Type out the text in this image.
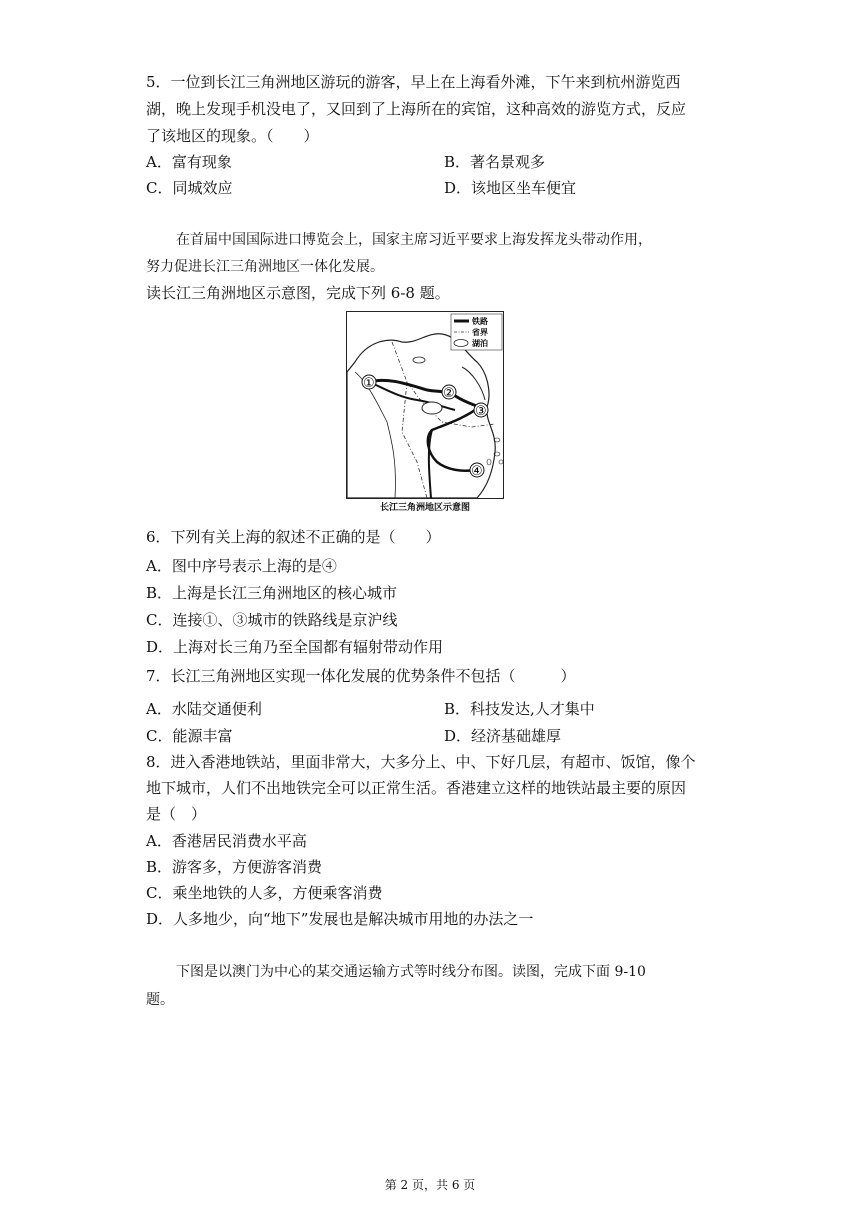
5．一位到长江三角洲地区游玩的游客，早上在上海看外滩，下午来到杭州游览西
湖，晚上发现手机没电了，又回到了上海所在的宾馆，这种高效的游览方式，反应
了该地区的现象。（　　）
A．富有现象	B．著名景观多
C．同城效应	D．该地区坐车便宜
在首届中国国际进口博览会上，国家主席习近平要求上海发挥龙头带动作用，
努力促进长江三角洲地区一体化发展。
读长江三角洲地区示意图，完成下列 6-8 题。
铁路
省界
湖泊
①
②
③
④
长江三角洲地区示意图
6．下列有关上海的叙述不正确的是（　　）
A．图中序号表示上海的是④
B．上海是长江三角洲地区的核心城市
C．连接①、③城市的铁路线是京沪线
D．上海对长三角乃至全国都有辐射带动作用
7．长江三角洲地区实现一体化发展的优势条件不包括（　　　）
A．水陆交通便利	B．科技发达,人才集中
C．能源丰富	D．经济基础雄厚
8．进入香港地铁站，里面非常大，大多分上、中、下好几层，有超市、饭馆，像个
地下城市，人们不出地铁完全可以正常生活。香港建立这样的地铁站最主要的原因
是（　）
A．香港居民消费水平高
B．游客多，方便游客消费
C．乘坐地铁的人多，方便乘客消费
D．人多地少，向“地下”发展也是解决城市用地的办法之一
下图是以澳门为中心的某交通运输方式等时线分布图。读图，完成下面 9-10
题。
第 2 页，共 6 页
